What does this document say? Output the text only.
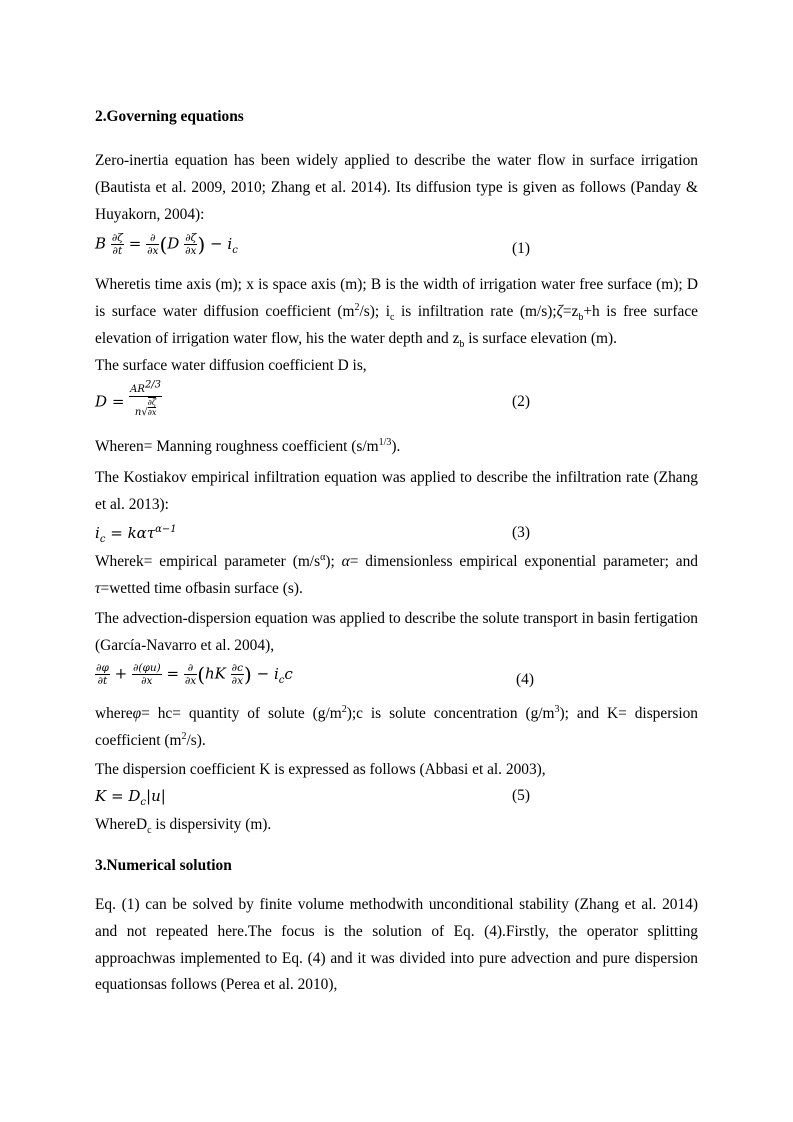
2.Governing equations

Zero-inertia equation has been widely applied to describe the water flow in surface irrigation (Bautista et al. 2009, 2010; Zhang et al. 2014). Its diffusion type is given as follows (Panday & Huyakorn, 2004):

B $\frac{\partial\zeta}{\partial t} = \frac{\partial}{\partial x} (D \frac{\partial\zeta}{\partial x}$ ) − $i_c$	(1)

Wheretis time axis (m); x is space axis (m); B is the width of irrigation water free surface (m); D is surface water diffusion coefficient $(m^2/s)$; $i_c$ is infiltration rate $(m/s);\zeta=z_b+h$ is free surface elevation of irrigation water flow, his the water depth and $z_b$ is surface elevation (m).

The surface water diffusion coefficient D is,

$D = \frac{AR^{2/3}}{n√ \frac{\partial\zeta}{\partial x}}$	(2)

Wheren= Manning roughness coefficient $(s/m^{1/3})$.

The Kostiakov empirical infiltration equation was applied to describe the infiltration rate (Zhang et al. 2013):

$i_c = k\alpha\tau^{\alpha-1}$	(3)

Wherek= empirical parameter $(m/s^\alpha)$; α= dimensionless empirical exponential parameter; and τ=wetted time ofbasin surface (s).

The advection-dispersion equation was applied to describe the solute transport in basin fertigation (García-Navarro et al. 2004),

$\frac{\partial\varphi}{\partial t} + \frac{\partial(\varphi u)}{\partial x} = \frac{\partial}{\partial x} (hK \frac{\partial c}{\partial x}$ ) − $i_cc$	(4)

whereφ= hc= quantity of solute $(g/m^2);c$ is solute concentration $(g/m^3)$; and K= dispersion coefficient $(m^2/s)$.

The dispersion coefficient K is expressed as follows (Abbasi et al. 2003),

$K = D_c|u|$	(5)

WhereD$_c$ is dispersivity (m).

3.Numerical solution

Eq. (1) can be solved by finite volume methodwith unconditional stability (Zhang et al. 2014) and not repeated here.The focus is the solution of Eq. (4).Firstly, the operator splitting approachwas implemented to Eq. (4) and it was divided into pure advection and pure dispersion equationsas follows (Perea et al. 2010),
